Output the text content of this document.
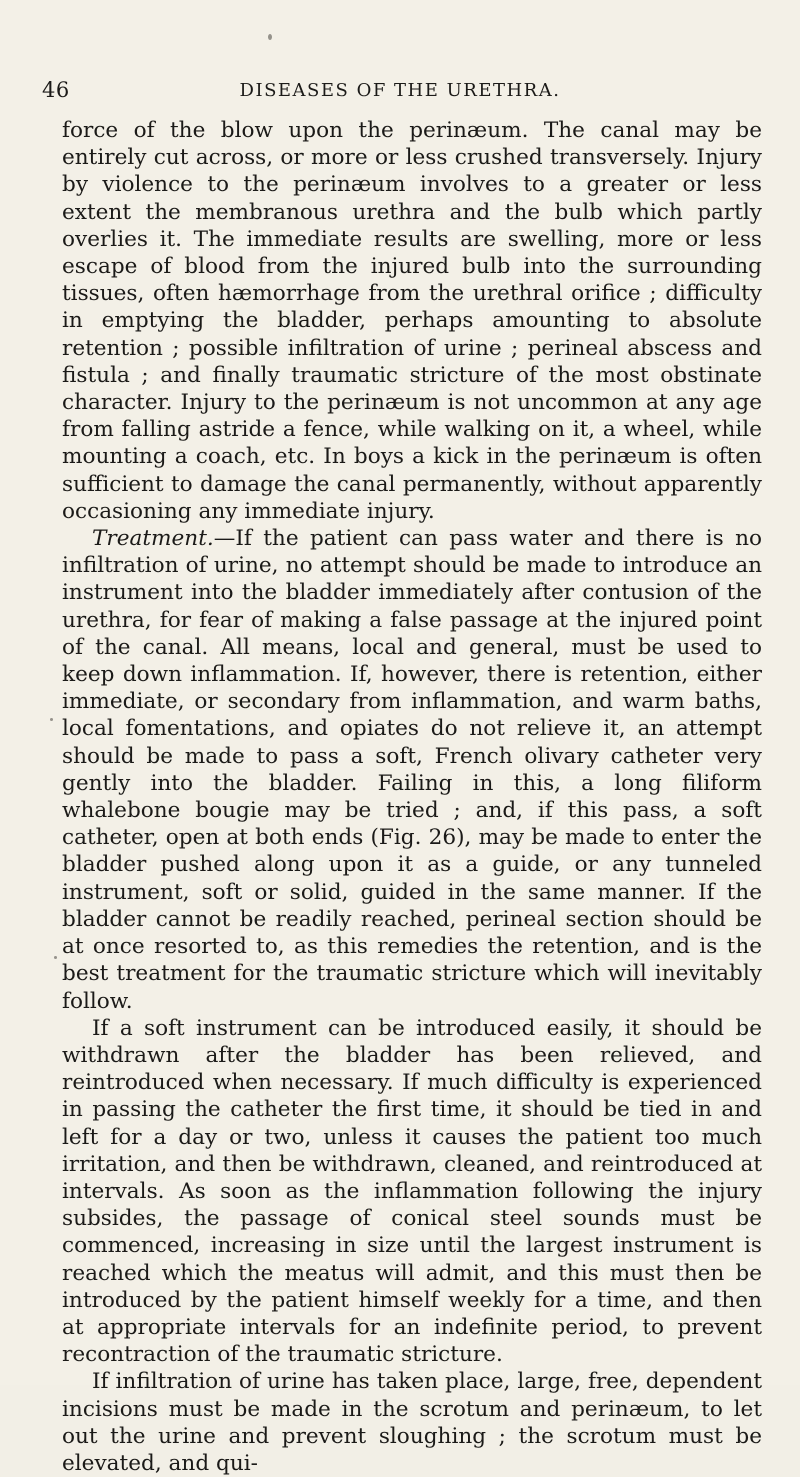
46	DISEASES OF THE URETHRA.

force of the blow upon the perinæum. The canal may be entirely cut across, or more or less crushed transversely. Injury by violence to the perinæum involves to a greater or less extent the membranous urethra and the bulb which partly overlies it. The immediate results are swelling, more or less escape of blood from the injured bulb into the surrounding tissues, often hæmorrhage from the urethral orifice ; difficulty in emptying the bladder, perhaps amounting to absolute retention ; possible infiltration of urine ; perineal abscess and fistula ; and finally traumatic stricture of the most obstinate character. Injury to the perinæum is not uncommon at any age from falling astride a fence, while walking on it, a wheel, while mounting a coach, etc. In boys a kick in the perinæum is often sufficient to damage the canal permanently, without apparently occasioning any immediate injury.

Treatment.—If the patient can pass water and there is no infiltration of urine, no attempt should be made to introduce an instrument into the bladder immediately after contusion of the urethra, for fear of making a false passage at the injured point of the canal. All means, local and general, must be used to keep down inflammation. If, however, there is retention, either immediate, or secondary from inflammation, and warm baths, local fomentations, and opiates do not relieve it, an attempt should be made to pass a soft, French olivary catheter very gently into the bladder. Failing in this, a long filiform whalebone bougie may be tried ; and, if this pass, a soft catheter, open at both ends (Fig. 26), may be made to enter the bladder pushed along upon it as a guide, or any tunneled instrument, soft or solid, guided in the same manner. If the bladder cannot be readily reached, perineal section should be at once resorted to, as this remedies the retention, and is the best treatment for the traumatic stricture which will inevitably follow.

If a soft instrument can be introduced easily, it should be withdrawn after the bladder has been relieved, and reintroduced when necessary. If much difficulty is experienced in passing the catheter the first time, it should be tied in and left for a day or two, unless it causes the patient too much irritation, and then be withdrawn, cleaned, and reintroduced at intervals. As soon as the inflammation following the injury subsides, the passage of conical steel sounds must be commenced, increasing in size until the largest instrument is reached which the meatus will admit, and this must then be introduced by the patient himself weekly for a time, and then at appropriate intervals for an indefinite period, to prevent recontraction of the traumatic stricture.

If infiltration of urine has taken place, large, free, dependent incisions must be made in the scrotum and perinæum, to let out the urine and prevent sloughing ; the scrotum must be elevated, and qui-
